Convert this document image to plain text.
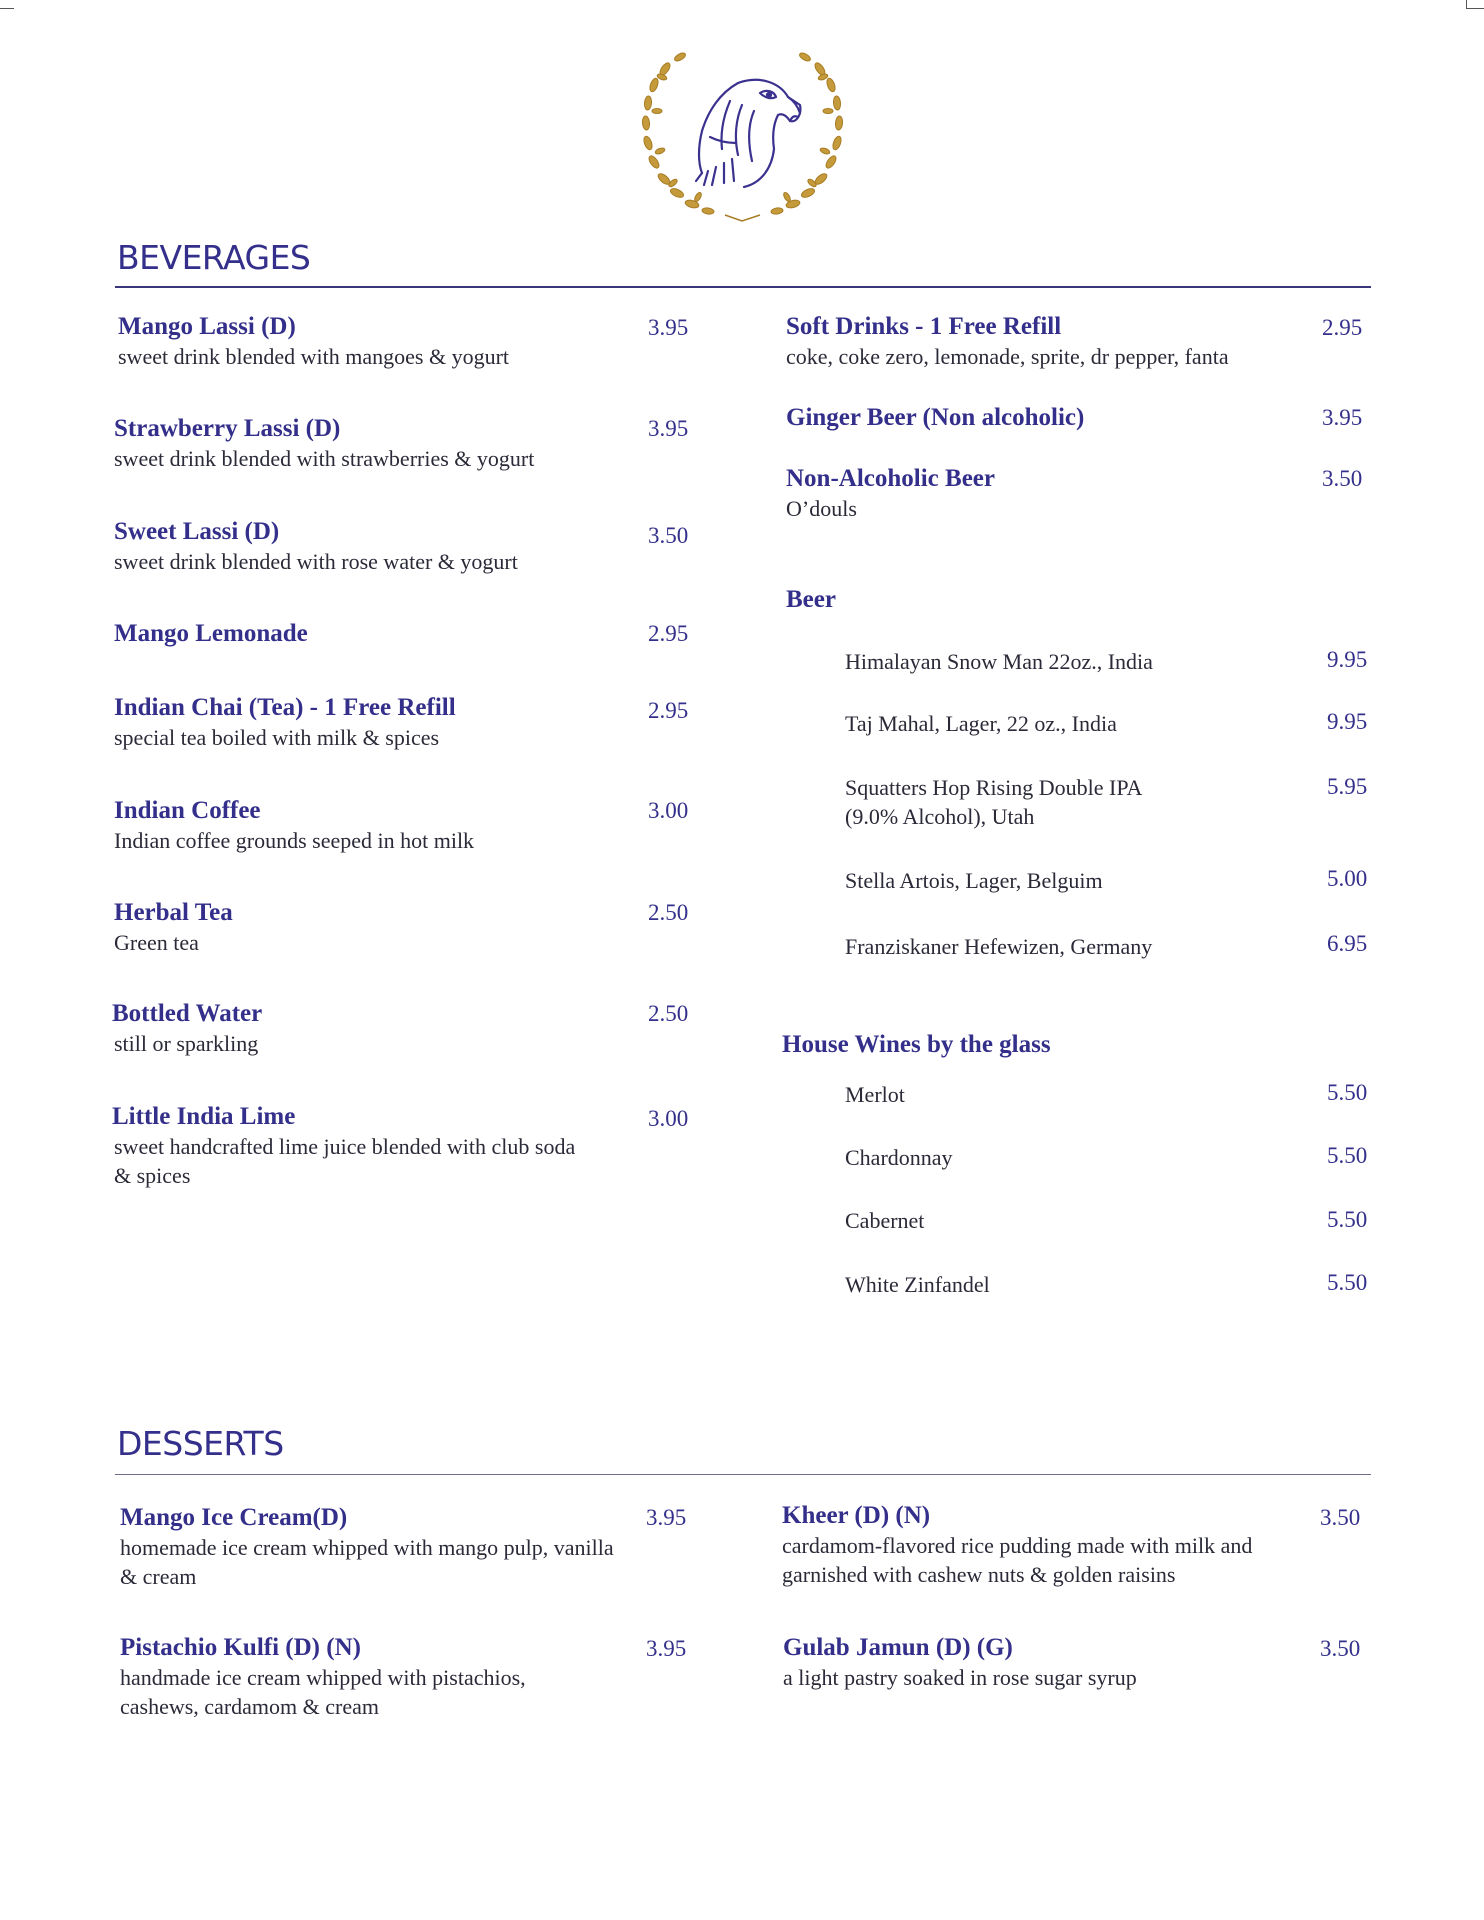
BEVERAGES
Mango Lassi (D)
sweet drink blended with mangoes & yogurt
3.95
Strawberry Lassi (D)
sweet drink blended with strawberries & yogurt
3.95
Sweet Lassi (D)
sweet drink blended with rose water & yogurt
3.50
Mango Lemonade	2.95
Indian Chai (Tea) - 1 Free Refill
special tea boiled with milk & spices
2.95
Indian Coffee
Indian coffee grounds seeped in hot milk
3.00
Herbal Tea
Green tea
2.50
Bottled Water
still or sparkling
2.50
Little India Lime
sweet handcrafted lime juice blended with club soda & spices
3.00
Soft Drinks - 1 Free Refill
coke, coke zero, lemonade, sprite, dr pepper, fanta
2.95
Ginger Beer (Non alcoholic)	3.95
Non-Alcoholic Beer
O’douls
3.50
Beer
Himalayan Snow Man 22oz., India	9.95
Taj Mahal, Lager, 22 oz., India	9.95
Squatters Hop Rising Double IPA (9.0% Alcohol), Utah
5.95
Stella Artois, Lager, Belguim	5.00
Franziskaner Hefewizen, Germany	6.95
House Wines by the glass
Merlot	5.50
Chardonnay	5.50
Cabernet	5.50
White Zinfandel	5.50
DESSERTS
Mango Ice Cream(D)
homemade ice cream whipped with mango pulp, vanilla & cream
3.95
Pistachio Kulfi (D) (N)
handmade ice cream whipped with pistachios, cashews, cardamom & cream
3.95
Kheer (D) (N)
cardamom-flavored rice pudding made with milk and garnished with cashew nuts & golden raisins
3.50
Gulab Jamun (D) (G)
a light pastry soaked in rose sugar syrup
3.50
